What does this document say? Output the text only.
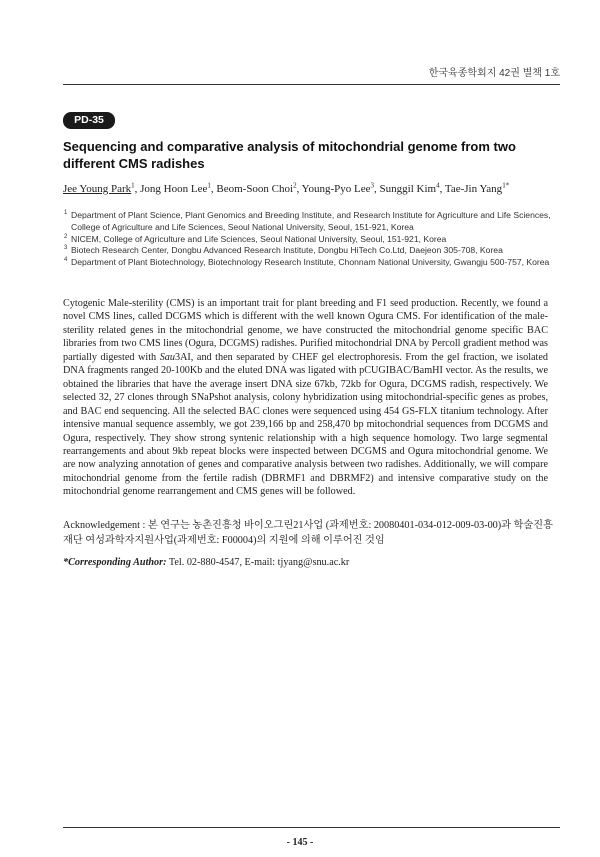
한국육종학회지 42권 별책 1호
PD-35
Sequencing and comparative analysis of mitochondrial genome from two different CMS radishes
Jee Young Park$^1$, Jong Hoon Lee$^1$, Beom-Soon Choi$^2$, Young-Pyo Lee$^3$, Sunggil Kim$^4$, Tae-Jin Yang$^{1*}$
1 Department of Plant Science, Plant Genomics and Breeding Institute, and Research Institute for Agriculture and Life Sciences, College of Agriculture and Life Sciences, Seoul National University, Seoul, 151-921, Korea
2 NICEM, College of Agriculture and Life Sciences, Seoul National University, Seoul, 151-921, Korea
3 Biotech Research Center, Dongbu Advanced Research Institute, Dongbu HiTech Co.Ltd, Daejeon 305-708, Korea
4 Department of Plant Biotechnology, Biotechnology Research Institute, Chonnam National University, Gwangju 500-757, Korea

Cytogenic Male-sterility (CMS) is an important trait for plant breeding and F1 seed production. Recently, we found a novel CMS lines, called DCGMS which is different with the well known Ogura CMS. For identification of the male-sterility related genes in the mitochondrial genome, we have constructed the mitochondrial genome specific BAC libraries from two CMS lines (Ogura, DCGMS) radishes. Purified mitochondrial DNA by Percoll gradient method was partially digested with Sau3AI, and then separated by CHEF gel electrophoresis. From the gel fraction, we isolated DNA fragments ranged 20-100Kb and the eluted DNA was ligated with pCUGIBAC/BamHI vector. As the results, we obtained the libraries that have the average insert DNA size 67kb, 72kb for Ogura, DCGMS radish, respectively. We selected 32, 27 clones through SNaPshot analysis, colony hybridization using mitochondrial-specific genes as probes, and BAC end sequencing. All the selected BAC clones were sequenced using 454 GS-FLX titanium technology. After intensive manual sequence assembly, we got 239,166 bp and 258,470 bp mitochondrial sequences from DCGMS and Ogura, respectively. They show strong syntenic relationship with a high sequence homology. Two large segmental rearrangements and about 9kb repeat blocks were inspected between DCGMS and Ogura mitochondrial genome. We are now analyzing annotation of genes and comparative analysis between two radishes. Additionally, we will compare mitochondrial genome from the fertile radish (DBRMF1 and DBRMF2) and intensive comparative study on the mitochondrial genome rearrangement and CMS genes will be followed.

Acknowledgement : 본 연구는 농촌진흥청 바이오그린21사업 (과제번호: 20080401-034-012-009-03-00)과 학술진흥재단 여성과학자지원사업(과제번호: F00004)의 지원에 의해 이루어진 것임

*Corresponding Author: Tel. 02-880-4547, E-mail: tjyang@snu.ac.kr

- 145 -
